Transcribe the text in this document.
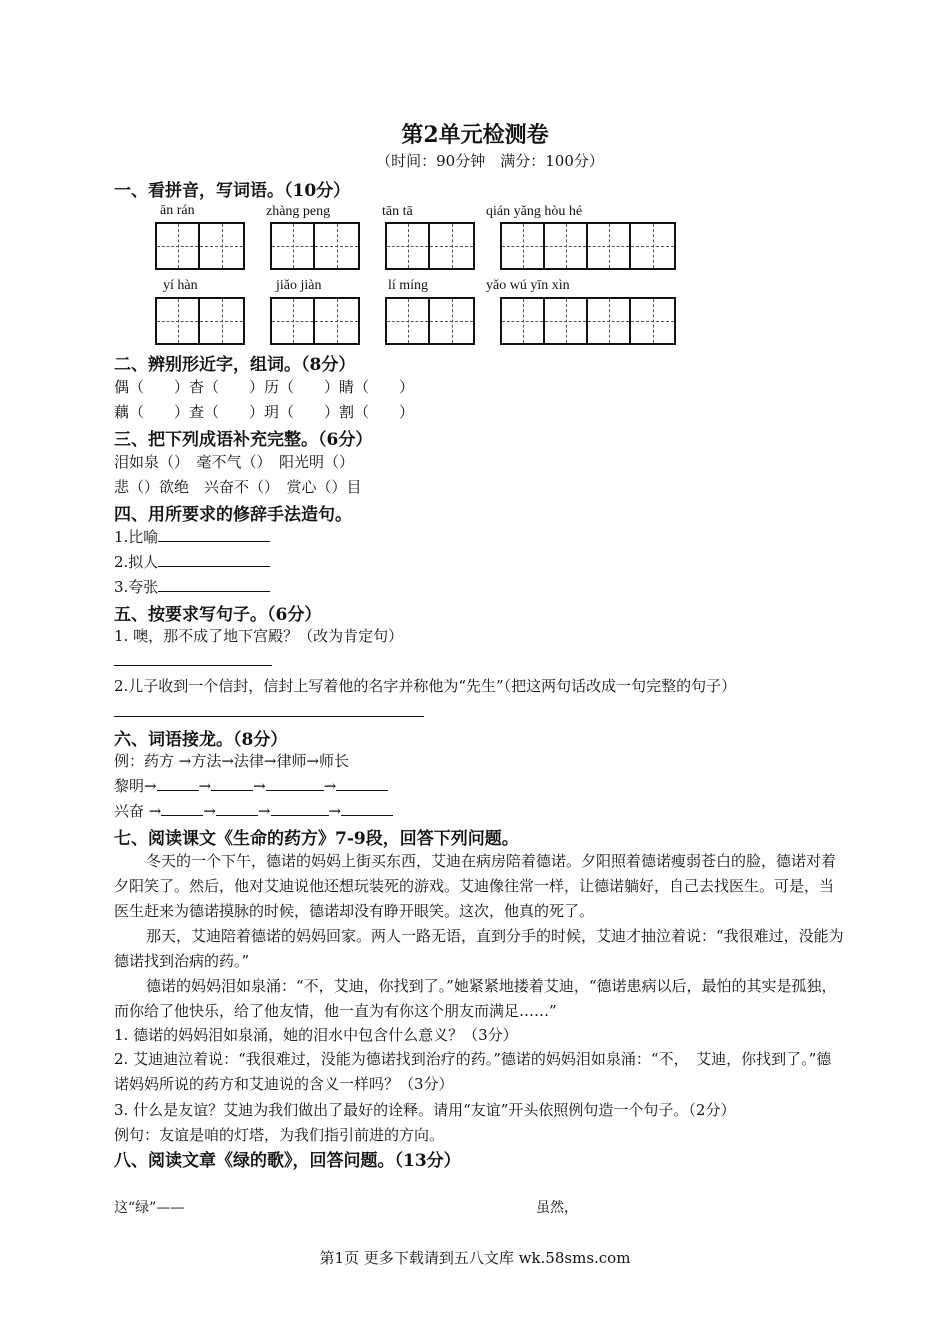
第2单元检测卷
（时间：90分钟　满分：100分）
一、看拼音，写词语。（10分）
ān rán	zhàng peng	tān tā	qián yǎng hòu hé
yí hàn	jiǎo jiàn	lí míng	yǎo wú yīn xìn
二、辨别形近字，组词。（8分）
偶（　　）杳（　　）历（　　）睛（　　）
藕（　　）查（　　）玥（　　）割（　　）
三、把下列成语补充完整。（6分）
泪如泉（）　毫不气（）　阳光明（）
悲（）欲绝　兴奋不（）　赏心（）目
四、用所要求的修辞手法造句。
1.比喻
2.拟人
3.夸张
五、按要求写句子。（6分）
1. 噢，那不成了地下宫殿？（改为肯定句）
2.儿子收到一个信封，信封上写着他的名字并称他为“先生”（把这两句话改成一句完整的句子）
六、词语接龙。（8分）
例：药方 →方法→法律→律师→师长
黎明→	→	→	→
兴奋 →	→	→	→
七、阅读课文《生命的药方》7-9段，回答下列问题。
冬天的一个下午，德诺的妈妈上街买东西，艾迪在病房陪着德诺。夕阳照着德诺瘦弱苍白的脸，德诺对着夕阳笑了。然后，他对艾迪说他还想玩装死的游戏。艾迪像往常一样，让德诺躺好，自己去找医生。可是，当医生赶来为德诺摸脉的时候，德诺却没有睁开眼笑。这次，他真的死了。
那天，艾迪陪着德诺的妈妈回家。两人一路无语，直到分手的时候，艾迪才抽泣着说：“我很难过，没能为德诺找到治病的药。”
德诺的妈妈泪如泉涌：“不，艾迪，你找到了。”她紧紧地搂着艾迪，“德诺患病以后，最怕的其实是孤独，而你给了他快乐，给了他友情，他一直为有你这个朋友而满足……”
1. 德诺的妈妈泪如泉涌，她的泪水中包含什么意义？（3分）
2. 艾迪迪泣着说：“我很难过，没能为德诺找到治疗的药。”德诺的妈妈泪如泉涌：“不，　艾迪，你找到了。”德诺妈妈所说的药方和艾迪说的含义一样吗？（3分）
3. 什么是友谊？艾迪为我们做出了最好的诠释。请用“友谊”开头依照例句造一个句子。（2分）
例句：友谊是咱的灯塔，为我们指引前进的方向。
八、阅读文章《绿的歌》，回答问题。（13分）
这“绿”——	虽然，
第1页 更多下载请到五八文库 wk.58sms.com
